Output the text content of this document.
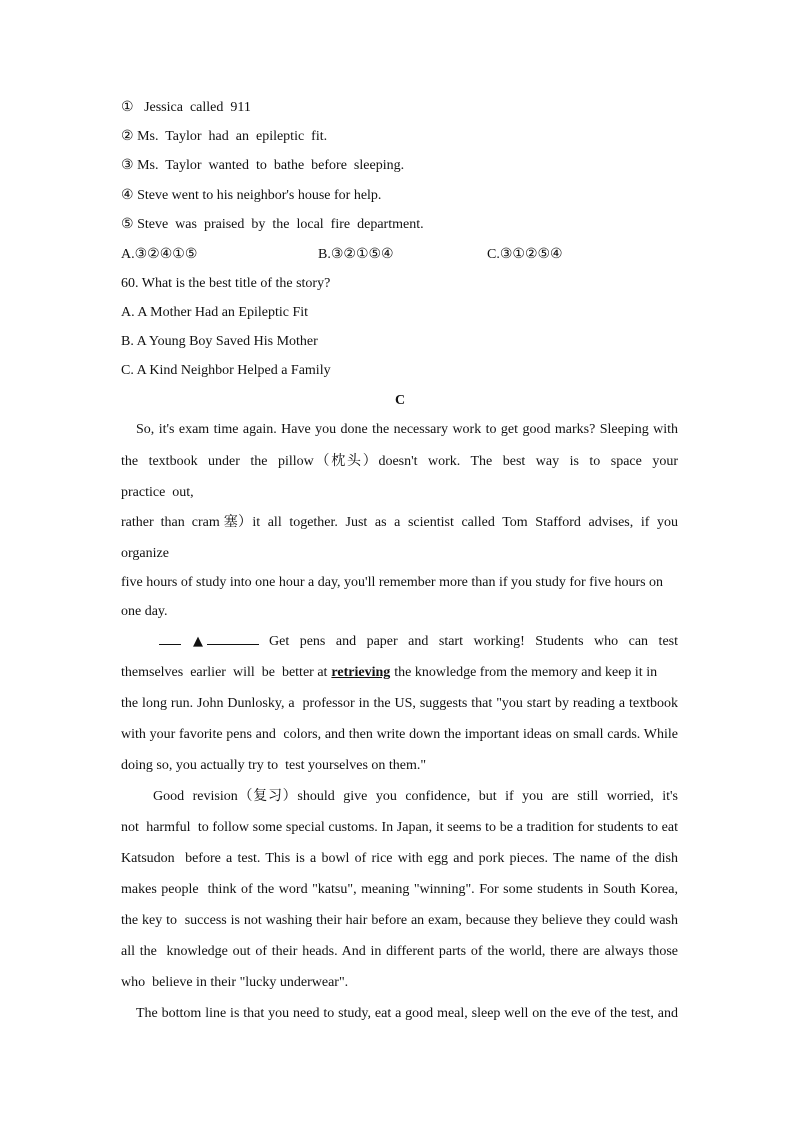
① Jessica  called  911
② Ms.  Taylor  had  an  epileptic  fit.
③ Ms.  Taylor  wanted  to  bathe  before  sleeping.
④ Steve went to his neighbor's house for help.
⑤ Steve  was  praised  by  the  local  fire  department.
A.③②④①⑤	B.③②①⑤④	C.③①②⑤④
60. What is the best title of the story?
A. A Mother Had an Epileptic Fit
B. A Young Boy Saved His Mother
C. A Kind Neighbor Helped a Family
C
So, it's exam time again. Have you done the necessary work to get good marks? Sleeping with
the  textbook  under  the  pillow（枕头）doesn't  work.  The  best  way  is  to  space  your
practice  out,
rather  than  cram 塞）it  all  together.  Just  as  a  scientist  called  Tom  Stafford  advises,  if  you
organize
five hours of study into one hour a day, you'll remember more than if you study for five hours on
one day.
▲	Get  pens  and  paper  and  start  working!  Students  who  can  test
themselves  earlier  will  be  better at retrieving the knowledge from the memory and keep it in
the long run. John Dunlosky, a  professor in the US, suggests that "you start by reading a textbook
with your favorite pens and  colors, and then write down the important ideas on small cards. While
doing so, you actually try to  test yourselves on them."
Good  revision（复习）should  give  you  confidence,  but  if  you  are  still  worried,  it's
not  harmful  to follow some special customs. In Japan, it seems to be a tradition for students to eat
Katsudon  before a test. This is a bowl of rice with egg and pork pieces. The name of the dish
makes people  think of the word "katsu", meaning "winning". For some students in South Korea,
the key to  success is not washing their hair before an exam, because they believe they could wash
all the  knowledge out of their heads. And in different parts of the world, there are always those
who  believe in their "lucky underwear".
The bottom line is that you need to study, eat a good meal, sleep well on the eve of the test, and
